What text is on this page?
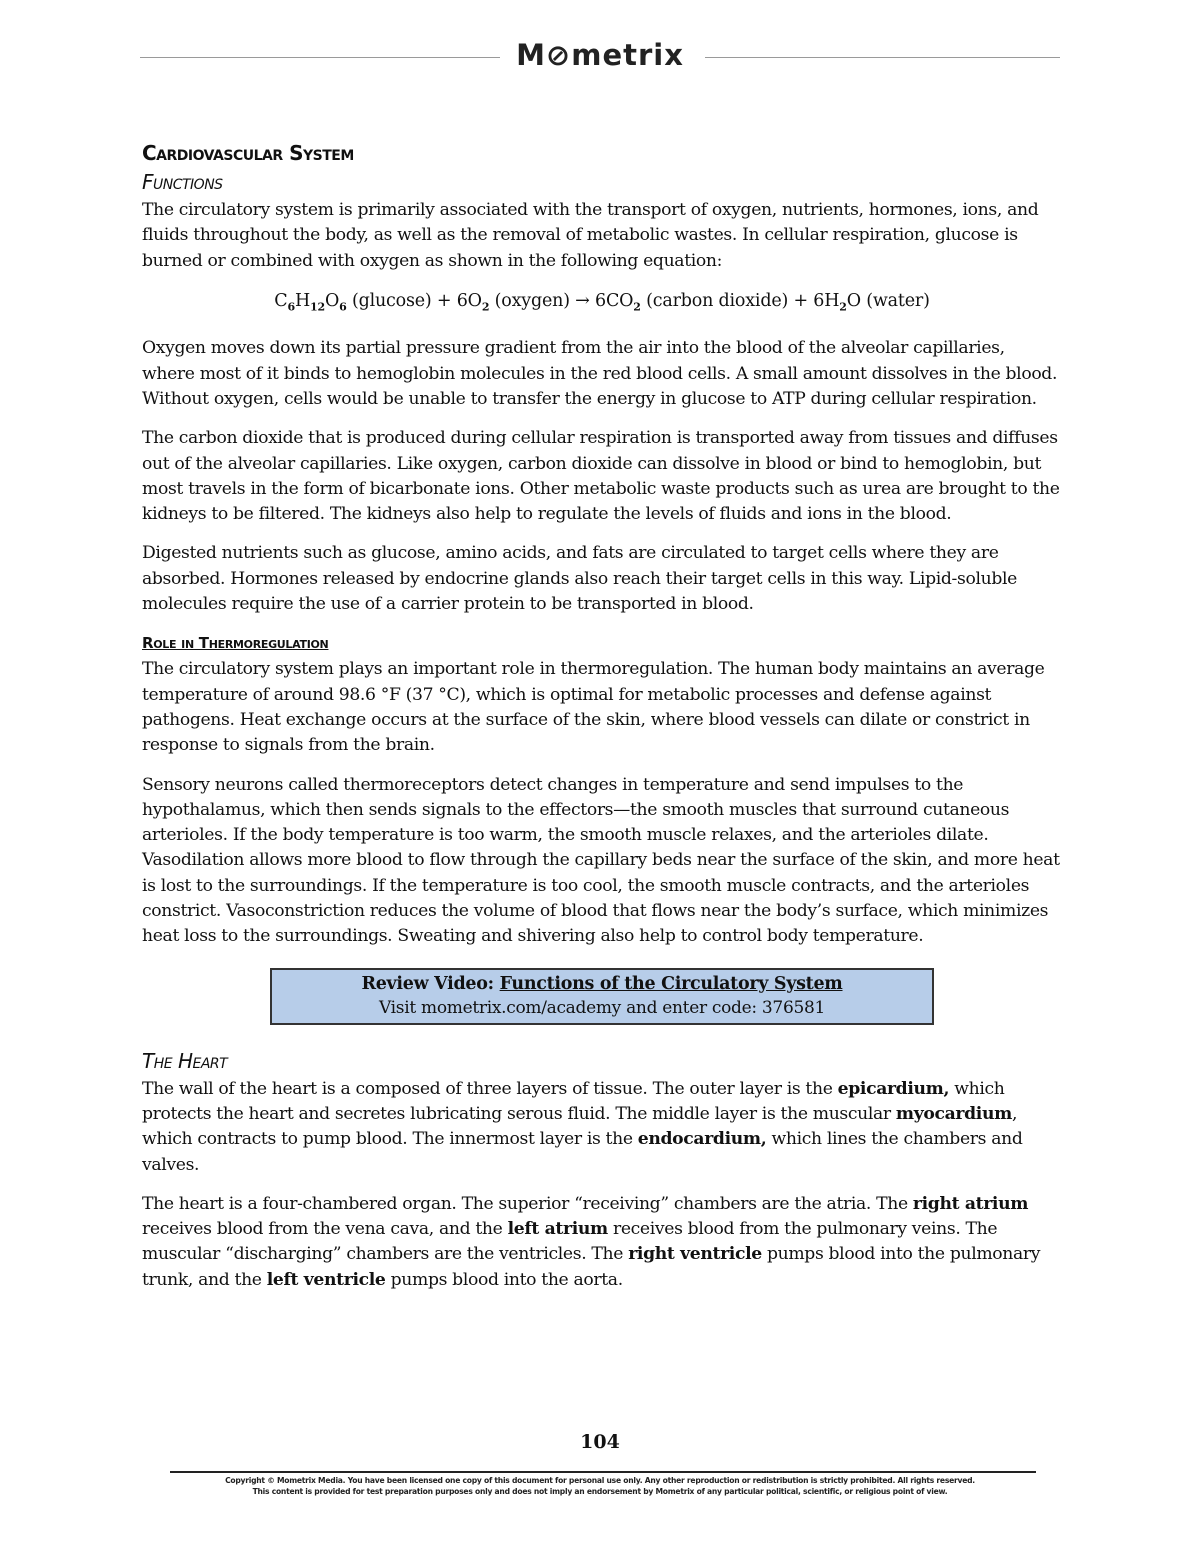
M⊘metrix
Cardiovascular System
Functions

The circulatory system is primarily associated with the transport of oxygen, nutrients, hormones, ions, and fluids throughout the body, as well as the removal of metabolic wastes. In cellular respiration, glucose is burned or combined with oxygen as shown in the following equation:

$C_6H_{12}O_6$ $(glucose) + 6O_2$ (oxygen) → $6CO_2$ (carbon dioxide) + $6H_2O$ (water)

Oxygen moves down its partial pressure gradient from the air into the blood of the alveolar capillaries, where most of it binds to hemoglobin molecules in the red blood cells. A small amount dissolves in the blood. Without oxygen, cells would be unable to transfer the energy in glucose to ATP during cellular respiration.

The carbon dioxide that is produced during cellular respiration is transported away from tissues and diffuses out of the alveolar capillaries. Like oxygen, carbon dioxide can dissolve in blood or bind to hemoglobin, but most travels in the form of bicarbonate ions. Other metabolic waste products such as urea are brought to the kidneys to be filtered. The kidneys also help to regulate the levels of fluids and ions in the blood.

Digested nutrients such as glucose, amino acids, and fats are circulated to target cells where they are absorbed. Hormones released by endocrine glands also reach their target cells in this way. Lipid-soluble molecules require the use of a carrier protein to be transported in blood.

Role in Thermoregulation

The circulatory system plays an important role in thermoregulation. The human body maintains an average temperature of around 98.6 °F (37 °C), which is optimal for metabolic processes and defense against pathogens. Heat exchange occurs at the surface of the skin, where blood vessels can dilate or constrict in response to signals from the brain.

Sensory neurons called thermoreceptors detect changes in temperature and send impulses to the hypothalamus, which then sends signals to the effectors—the smooth muscles that surround cutaneous arterioles. If the body temperature is too warm, the smooth muscle relaxes, and the arterioles dilate. Vasodilation allows more blood to flow through the capillary beds near the surface of the skin, and more heat is lost to the surroundings. If the temperature is too cool, the smooth muscle contracts, and the arterioles constrict. Vasoconstriction reduces the volume of blood that flows near the body’s surface, which minimizes heat loss to the surroundings. Sweating and shivering also help to control body temperature.

Review Video: Functions of the Circulatory System
Visit mometrix.com/academy and enter code: 376581
The Heart

The wall of the heart is a composed of three layers of tissue. The outer layer is the epicardium, which protects the heart and secretes lubricating serous fluid. The middle layer is the muscular myocardium, which contracts to pump blood. The innermost layer is the endocardium, which lines the chambers and valves.

The heart is a four-chambered organ. The superior “receiving” chambers are the atria. The right atrium receives blood from the vena cava, and the left atrium receives blood from the pulmonary veins. The muscular “discharging” chambers are the ventricles. The right ventricle pumps blood into the pulmonary trunk, and the left ventricle pumps blood into the aorta.

104
Copyright © Mometrix Media. You have been licensed one copy of this document for personal use only. Any other reproduction or redistribution is strictly prohibited. All rights reserved.
This content is provided for test preparation purposes only and does not imply an endorsement by Mometrix of any particular political, scientific, or religious point of view.
